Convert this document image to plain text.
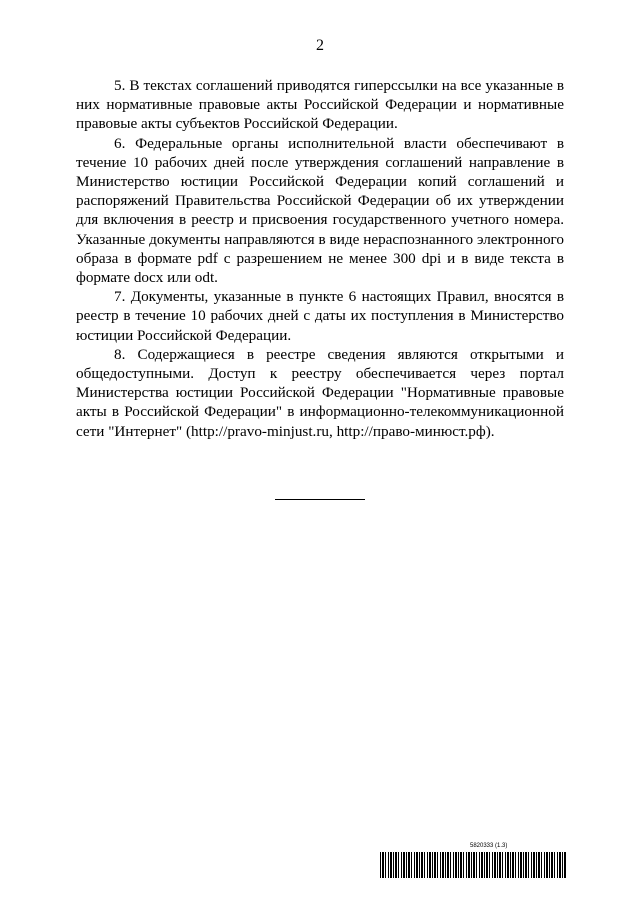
2

5. В текстах соглашений приводятся гиперссылки на все указанные в них нормативные правовые акты Российской Федерации и нормативные правовые акты субъектов Российской Федерации.

6. Федеральные органы исполнительной власти обеспечивают в течение 10 рабочих дней после утверждения соглашений направление в Министерство юстиции Российской Федерации копий соглашений и распоряжений Правительства Российской Федерации об их утверждении для включения в реестр и присвоения государственного учетного номера. Указанные документы направляются в виде нераспознанного электронного образа в формате pdf с разрешением не менее 300 dpi и в виде текста в формате docx или odt.

7. Документы, указанные в пункте 6 настоящих Правил, вносятся в реестр в течение 10 рабочих дней с даты их поступления в Министерство юстиции Российской Федерации.

8. Содержащиеся в реестре сведения являются открытыми и общедоступными. Доступ к реестру обеспечивается через портал Министерства юстиции Российской Федерации "Нормативные правовые акты в Российской Федерации" в информационно-телекоммуникационной сети "Интернет" (http://pravo-minjust.ru, http://право-минюст.рф).

5820333 (1.3)
